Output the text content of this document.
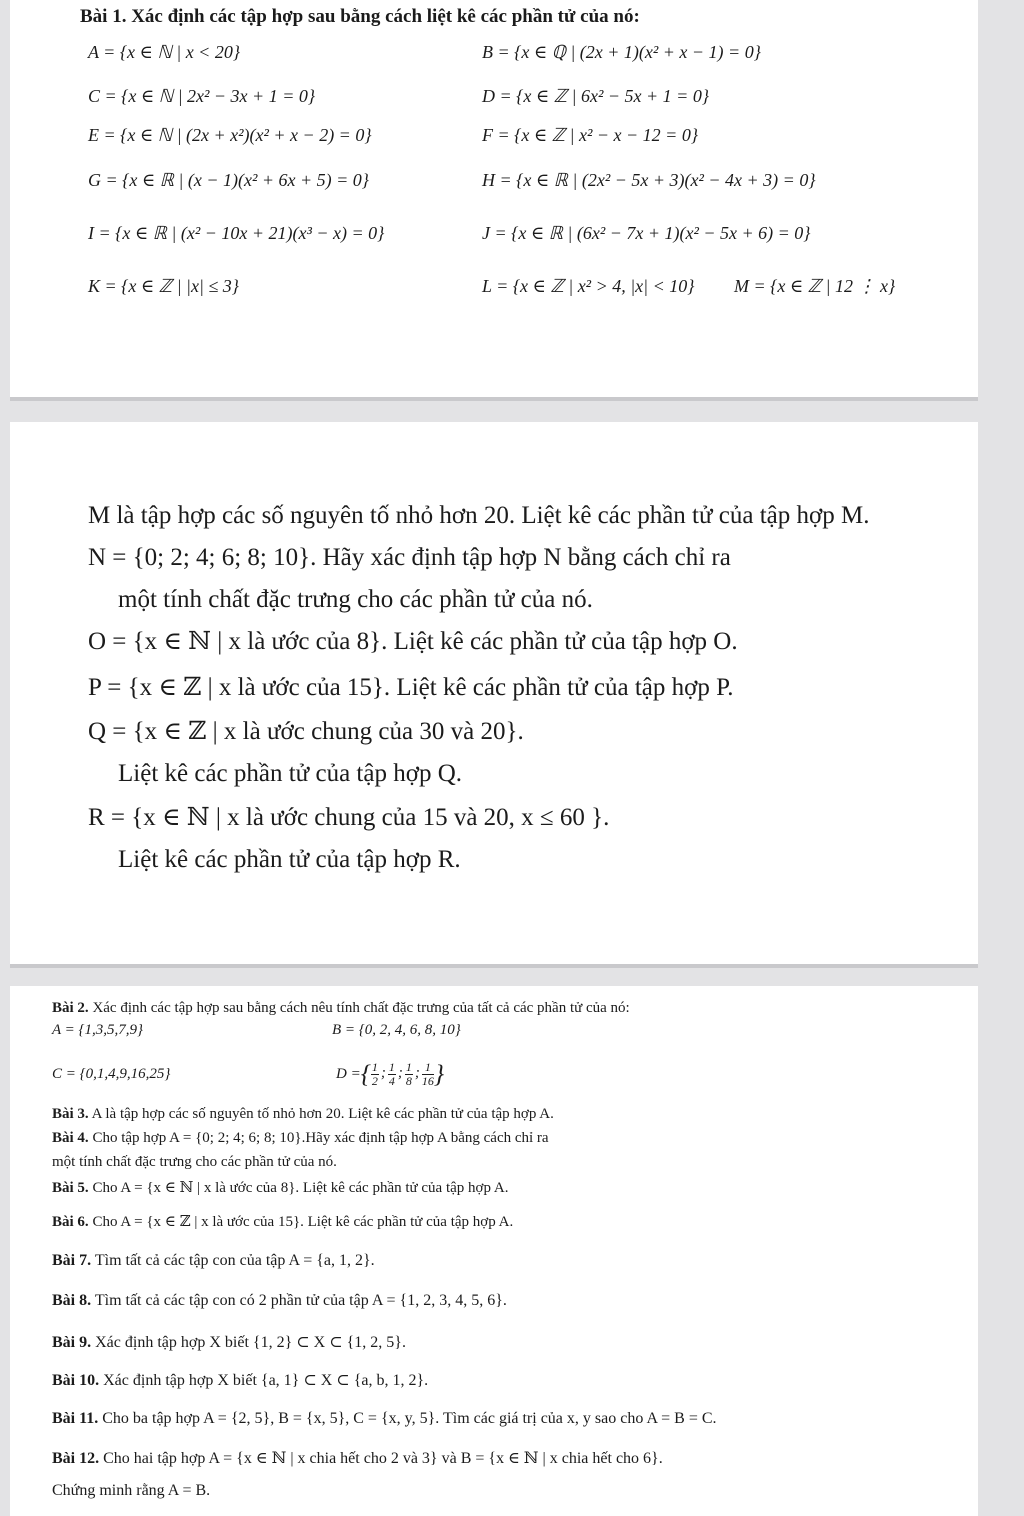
Bài 1. Xác định các tập hợp sau bằng cách liệt kê các phần tử của nó:
A = {x ∈ ℕ | x < 20}	B = {x ∈ ℚ | (2x + 1)(x² + x − 1) = 0}
C = {x ∈ ℕ | 2x² − 3x + 1 = 0}	D = {x ∈ ℤ | 6x² − 5x + 1 = 0}
E = {x ∈ ℕ | (2x + x²)(x² + x − 2) = 0}	F = {x ∈ ℤ | x² − x − 12 = 0}
G = {x ∈ ℝ | (x − 1)(x² + 6x + 5) = 0}	H = {x ∈ ℝ | (2x² − 5x + 3)(x² − 4x + 3) = 0}
I = {x ∈ ℝ | (x² − 10x + 21)(x³ − x) = 0}	J = {x ∈ ℝ | (6x² − 7x + 1)(x² − 5x + 6) = 0}
K = {x ∈ ℤ | |x| ≤ 3}	L = {x ∈ ℤ | x² > 4, |x| < 10} M = {x ∈ ℤ | 12 ⋮ x}
M là tập hợp các số nguyên tố nhỏ hơn 20. Liệt kê các phần tử của tập hợp M.
N = {0; 2; 4; 6; 8; 10}. Hãy xác định tập hợp N bằng cách chỉ ra
một tính chất đặc trưng cho các phần tử của nó.
O = {x ∈ ℕ | x là ước của 8}. Liệt kê các phần tử của tập hợp O.
P = {x ∈ ℤ | x là ước của 15}. Liệt kê các phần tử của tập hợp P.
Q = {x ∈ ℤ | x là ước chung của 30 và 20}.
Liệt kê các phần tử của tập hợp Q.
R = {x ∈ ℕ | x là ước chung của 15 và 20, x ≤ 60 }.
Liệt kê các phần tử của tập hợp R.
Bài 2. Xác định các tập hợp sau bằng cách nêu tính chất đặc trưng của tất cả các phần tử của nó:
A = {1,3,5,7,9}	B = {0, 2, 4, 6, 8, 10}
C = {0,1,4,9,16,25}	D = { $\frac{1}{2}$ ; $\frac{1}{4}$ ; $\frac{1}{8}$ ; $\frac{1}{16}$ }
Bài 3. A là tập hợp các số nguyên tố nhỏ hơn 20. Liệt kê các phần tử của tập hợp A.
Bài 4. Cho tập hợp A = {0; 2; 4; 6; 8; 10}.Hãy xác định tập hợp A bằng cách chỉ ra
một tính chất đặc trưng cho các phần tử của nó.
Bài 5. Cho A = {x ∈ ℕ | x là ước của 8}. Liệt kê các phần tử của tập hợp A.
Bài 6. Cho A = {x ∈ ℤ | x là ước của 15}. Liệt kê các phần tử của tập hợp A.
Bài 7. Tìm tất cả các tập con của tập A = {a, 1, 2}.
Bài 8. Tìm tất cả các tập con có 2 phần tử của tập A = {1, 2, 3, 4, 5, 6}.
Bài 9. Xác định tập hợp X biết {1, 2} ⊂ X ⊂ {1, 2, 5}.
Bài 10. Xác định tập hợp X biết {a, 1} ⊂ X ⊂ {a, b, 1, 2}.
Bài 11. Cho ba tập hợp A = {2, 5}, B = {x, 5}, C = {x, y, 5}. Tìm các giá trị của x, y sao cho A = B = C.
Bài 12. Cho hai tập hợp A = {x ∈ ℕ | x chia hết cho 2 và 3} và B = {x ∈ ℕ | x chia hết cho 6}.
Chứng minh rằng A = B.
